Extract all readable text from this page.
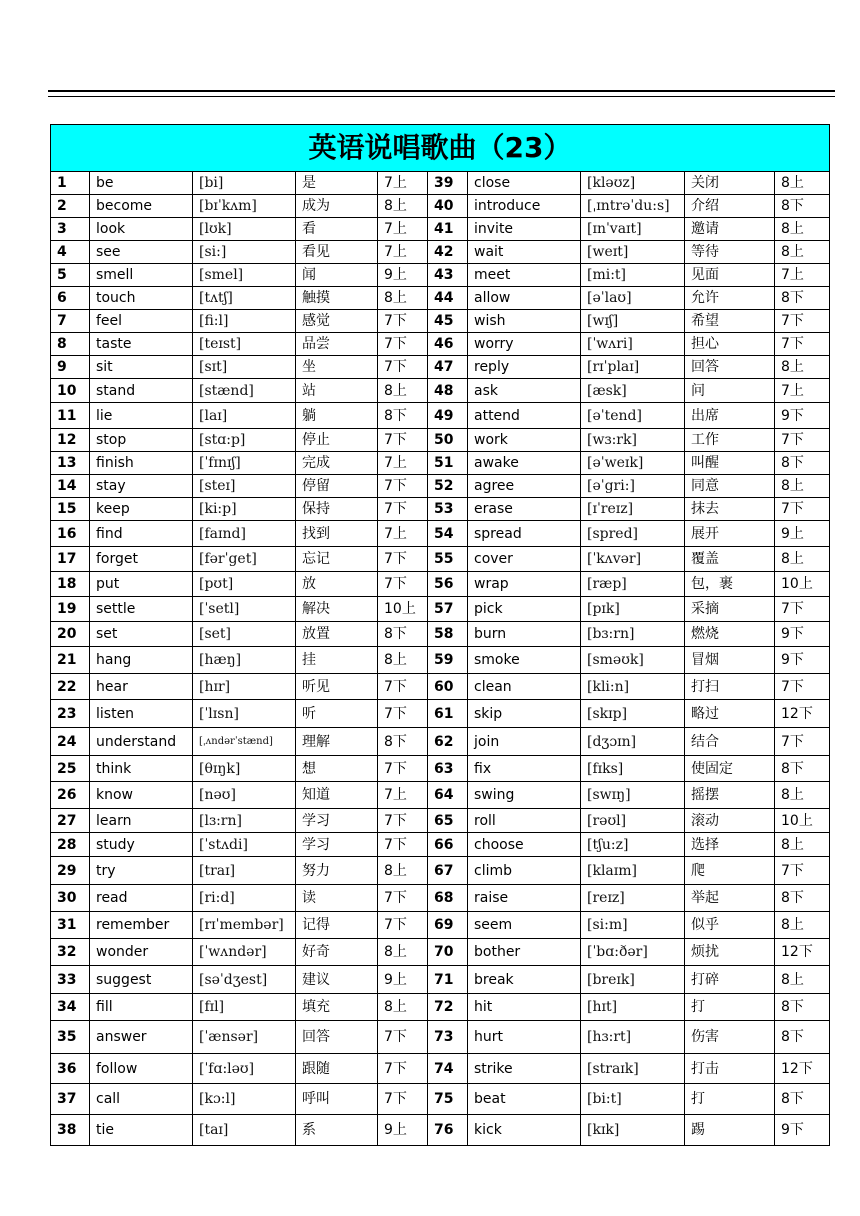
英语说唱歌曲（23）									
1	be	[bi]	是	7上	39	close	[kləʊz]	关闭	8上
2	become	[bɪˈkʌm]	成为	8上	40	introduce	[ˌɪntrəˈdu:s]	介绍	8下
3	look	[lʊk]	看	7上	41	invite	[ɪnˈvaɪt]	邀请	8上
4	see	[si:]	看见	7上	42	wait	[weɪt]	等待	8上
5	smell	[smel]	闻	9上	43	meet	[mi:t]	见面	7上
6	touch	[tʌtʃ]	触摸	8上	44	allow	[əˈlaʊ]	允许	8下
7	feel	[fi:l]	感觉	7下	45	wish	[wɪʃ]	希望	7下
8	taste	[teɪst]	品尝	7下	46	worry	[ˈwʌri]	担心	7下
9	sit	[sɪt]	坐	7下	47	reply	[rɪˈplaɪ]	回答	8上
10	stand	[stænd]	站	8上	48	ask	[æsk]	问	7上
11	lie	[laɪ]	躺	8下	49	attend	[əˈtend]	出席	9下
12	stop	[stɑ:p]	停止	7下	50	work	[wɜ:rk]	工作	7下
13	finish	[ˈfɪnɪʃ]	完成	7上	51	awake	[əˈweɪk]	叫醒	8下
14	stay	[steɪ]	停留	7下	52	agree	[əˈgri:]	同意	8上
15	keep	[ki:p]	保持	7下	53	erase	[ɪˈreɪz]	抹去	7下
16	find	[faɪnd]	找到	7上	54	spread	[spred]	展开	9上
17	forget	[fərˈget]	忘记	7下	55	cover	[ˈkʌvər]	覆盖	8上
18	put	[pʊt]	放	7下	56	wrap	[ræp]	包，裹	10上
19	settle	[ˈsetl]	解决	10上	57	pick	[pɪk]	采摘	7下
20	set	[set]	放置	8下	58	burn	[bɜ:rn]	燃烧	9下
21	hang	[hæŋ]	挂	8上	59	smoke	[sməʊk]	冒烟	9下
22	hear	[hɪr]	听见	7下	60	clean	[kli:n]	打扫	7下
23	listen	[ˈlɪsn]	听	7下	61	skip	[skɪp]	略过	12下
24	understand	[ˌʌndərˈstænd]	理解	8下	62	join	[dʒɔɪn]	结合	7下
25	think	[θɪŋk]	想	7下	63	fix	[fɪks]	使固定	8下
26	know	[nəʊ]	知道	7上	64	swing	[swɪŋ]	摇摆	8上
27	learn	[lɜ:rn]	学习	7下	65	roll	[rəʊl]	滚动	10上
28	study	[ˈstʌdi]	学习	7下	66	choose	[tʃu:z]	选择	8上
29	try	[traɪ]	努力	8上	67	climb	[klaɪm]	爬	7下
30	read	[ri:d]	读	7下	68	raise	[reɪz]	举起	8下
31	remember	[rɪˈmembər]	记得	7下	69	seem	[si:m]	似乎	8上
32	wonder	[ˈwʌndər]	好奇	8上	70	bother	[ˈbɑ:ðər]	烦扰	12下
33	suggest	[səˈdʒest]	建议	9上	71	break	[breɪk]	打碎	8上
34	fill	[fɪl]	填充	8上	72	hit	[hɪt]	打	8下
35	answer	[ˈænsər]	回答	7下	73	hurt	[hɜ:rt]	伤害	8下
36	follow	[ˈfɑ:ləʊ]	跟随	7下	74	strike	[straɪk]	打击	12下
37	call	[kɔ:l]	呼叫	7下	75	beat	[bi:t]	打	8下
38	tie	[taɪ]	系	9上	76	kick	[kɪk]	踢	9下
